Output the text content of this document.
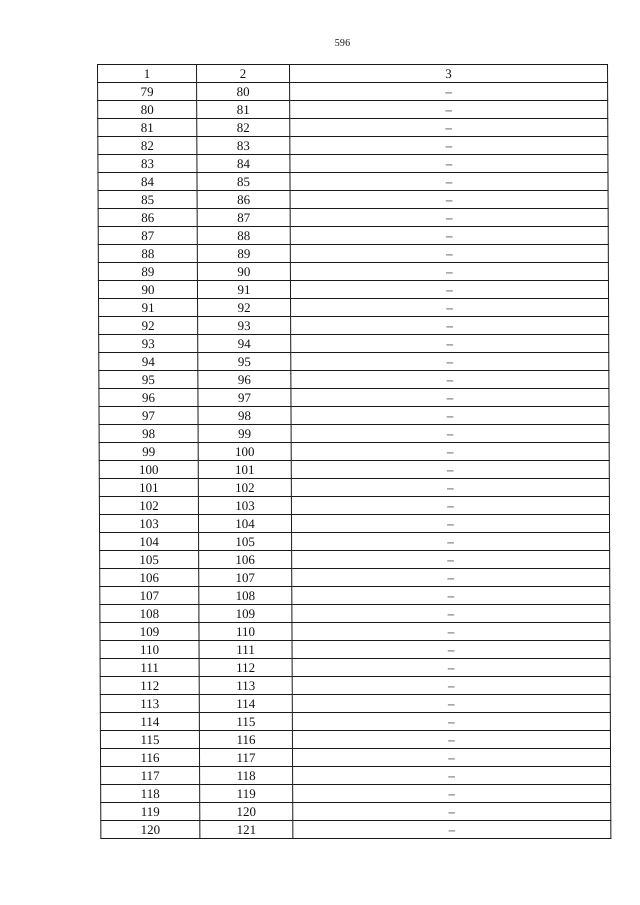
596
1	2	3
79	80	–
80	81	–
81	82	–
82	83	–
83	84	–
84	85	–
85	86	–
86	87	–
87	88	–
88	89	–
89	90	–
90	91	–
91	92	–
92	93	–
93	94	–
94	95	–
95	96	–
96	97	–
97	98	–
98	99	–
99	100	–
100	101	–
101	102	–
102	103	–
103	104	–
104	105	–
105	106	–
106	107	–
107	108	–
108	109	–
109	110	–
110	111	–
111	112	–
112	113	–
113	114	–
114	115	–
115	116	–
116	117	–
117	118	–
118	119	–
119	120	–
120	121	–
